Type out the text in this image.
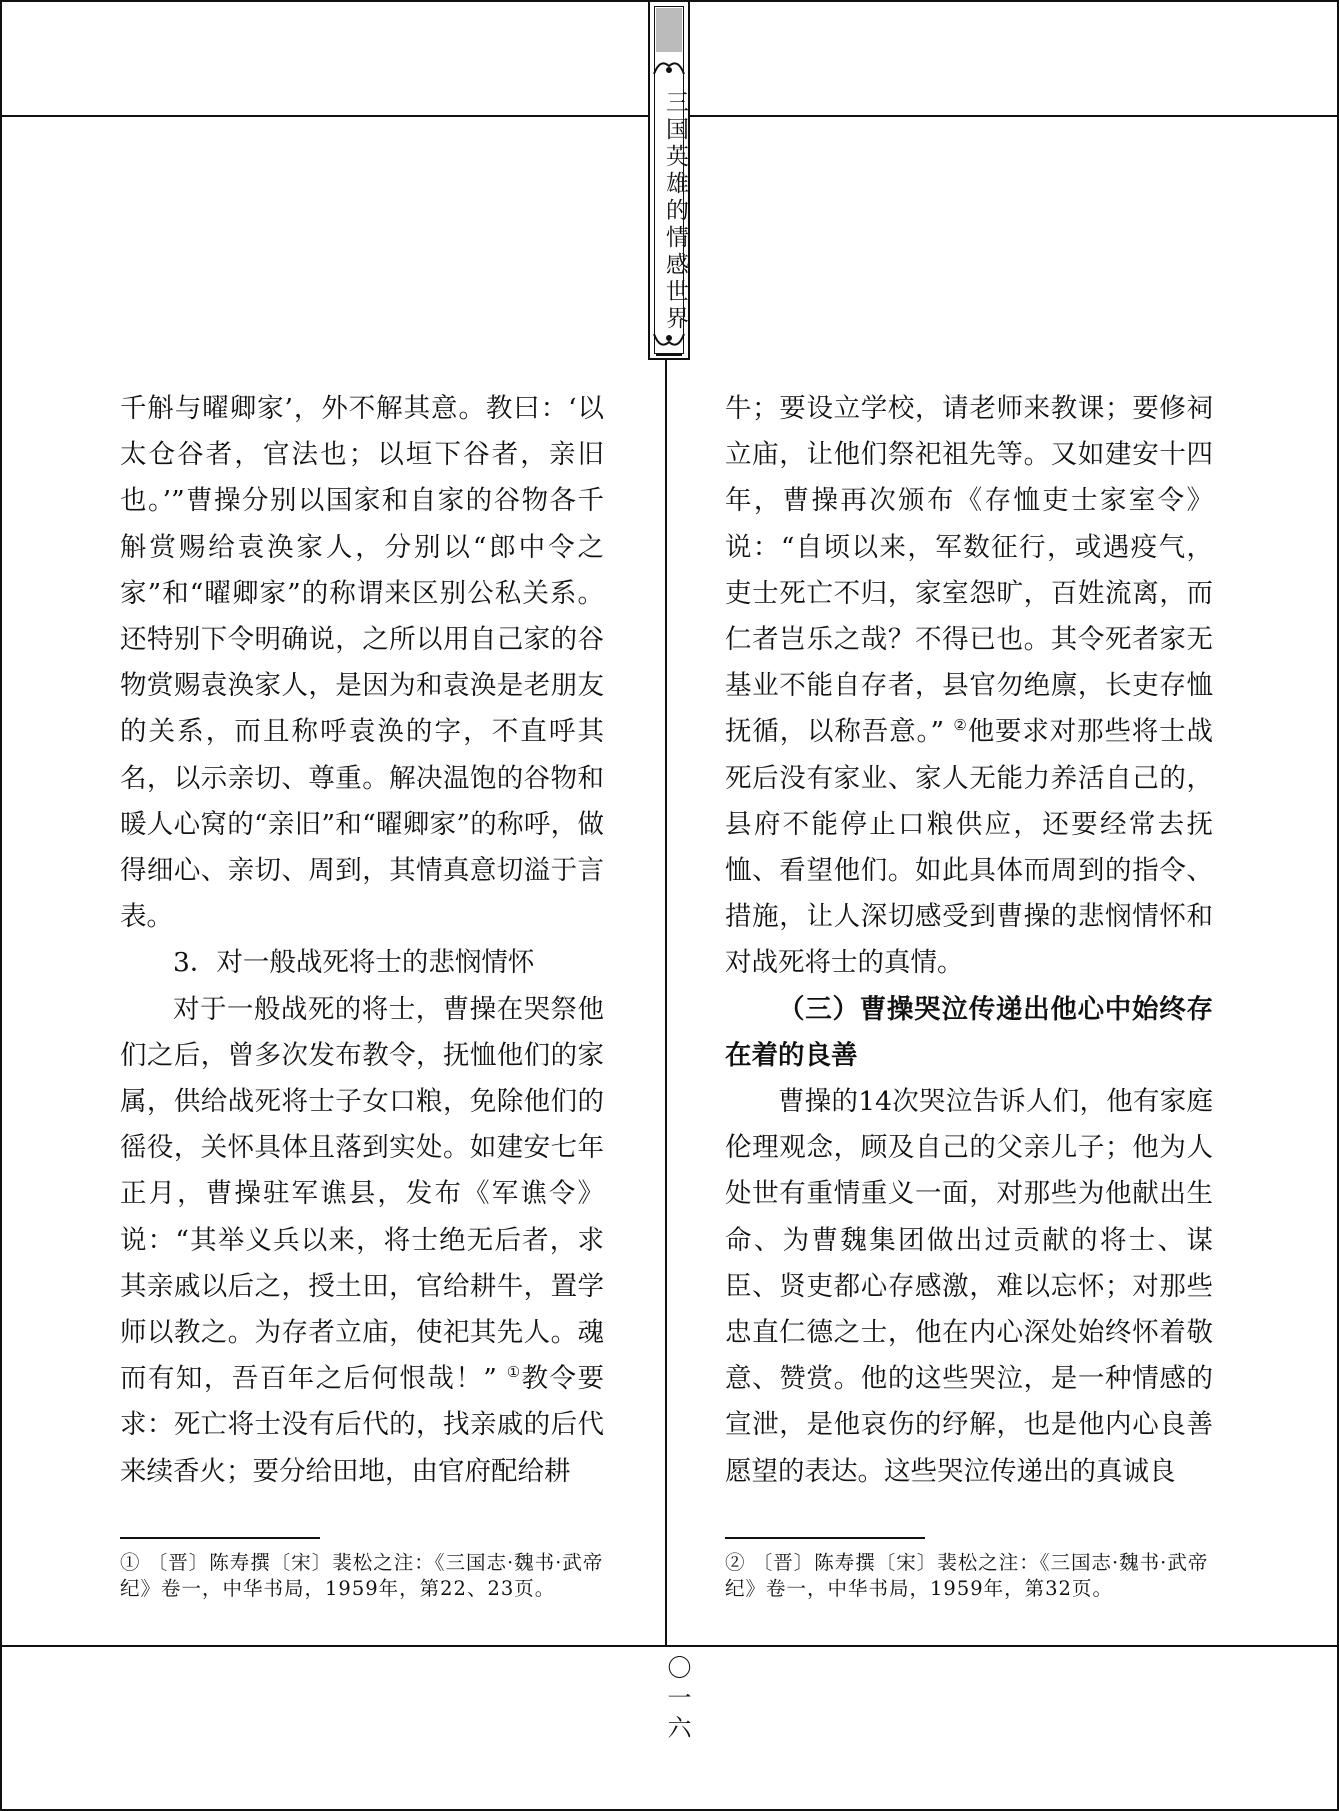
三国英雄的情感世界

千斛与曜卿家’，外不解其意。教曰：‘以太仓谷者，官法也；以垣下谷者，亲旧也。’”曹操分别以国家和自家的谷物各千斛赏赐给袁涣家人，分别以“郎中令之家”和“曜卿家”的称谓来区别公私关系。还特别下令明确说，之所以用自己家的谷物赏赐袁涣家人，是因为和袁涣是老朋友的关系，而且称呼袁涣的字，不直呼其名，以示亲切、尊重。解决温饱的谷物和暖人心窝的“亲旧”和“曜卿家”的称呼，做得细心、亲切、周到，其情真意切溢于言表。

3．对一般战死将士的悲悯情怀

对于一般战死的将士，曹操在哭祭他们之后，曾多次发布教令，抚恤他们的家属，供给战死将士子女口粮，免除他们的徭役，关怀具体且落到实处。如建安七年正月，曹操驻军谯县，发布《军谯令》说：“其举义兵以来，将士绝无后者，求其亲戚以后之，授土田，官给耕牛，置学师以教之。为存者立庙，使祀其先人。魂而有知，吾百年之后何恨哉！” ①教令要求：死亡将士没有后代的，找亲戚的后代来续香火；要分给田地，由官府配给耕

牛；要设立学校，请老师来教课；要修祠立庙，让他们祭祀祖先等。又如建安十四年，曹操再次颁布《存恤吏士家室令》说：“自顷以来，军数征行，或遇疫气，吏士死亡不归，家室怨旷，百姓流离，而仁者岂乐之哉？不得已也。其令死者家无基业不能自存者，县官勿绝廪，长吏存恤抚循，以称吾意。” ②他要求对那些将士战死后没有家业、家人无能力养活自己的，县府不能停止口粮供应，还要经常去抚恤、看望他们。如此具体而周到的指令、措施，让人深切感受到曹操的悲悯情怀和对战死将士的真情。

（三）曹操哭泣传递出他心中始终存在着的良善

曹操的14次哭泣告诉人们，他有家庭伦理观念，顾及自己的父亲儿子；他为人处世有重情重义一面，对那些为他献出生命、为曹魏集团做出过贡献的将士、谋臣、贤吏都心存感激，难以忘怀；对那些忠直仁德之士，他在内心深处始终怀着敬意、赞赏。他的这些哭泣，是一种情感的宣泄，是他哀伤的纾解，也是他内心良善愿望的表达。这些哭泣传递出的真诚良

① 〔晋〕陈寿撰〔宋〕裴松之注：《三国志·魏书·武帝纪》卷一，中华书局，1959年，第22、23页。
② 〔晋〕陈寿撰〔宋〕裴松之注：《三国志·魏书·武帝纪》卷一，中华书局，1959年，第32页。
〇一六
